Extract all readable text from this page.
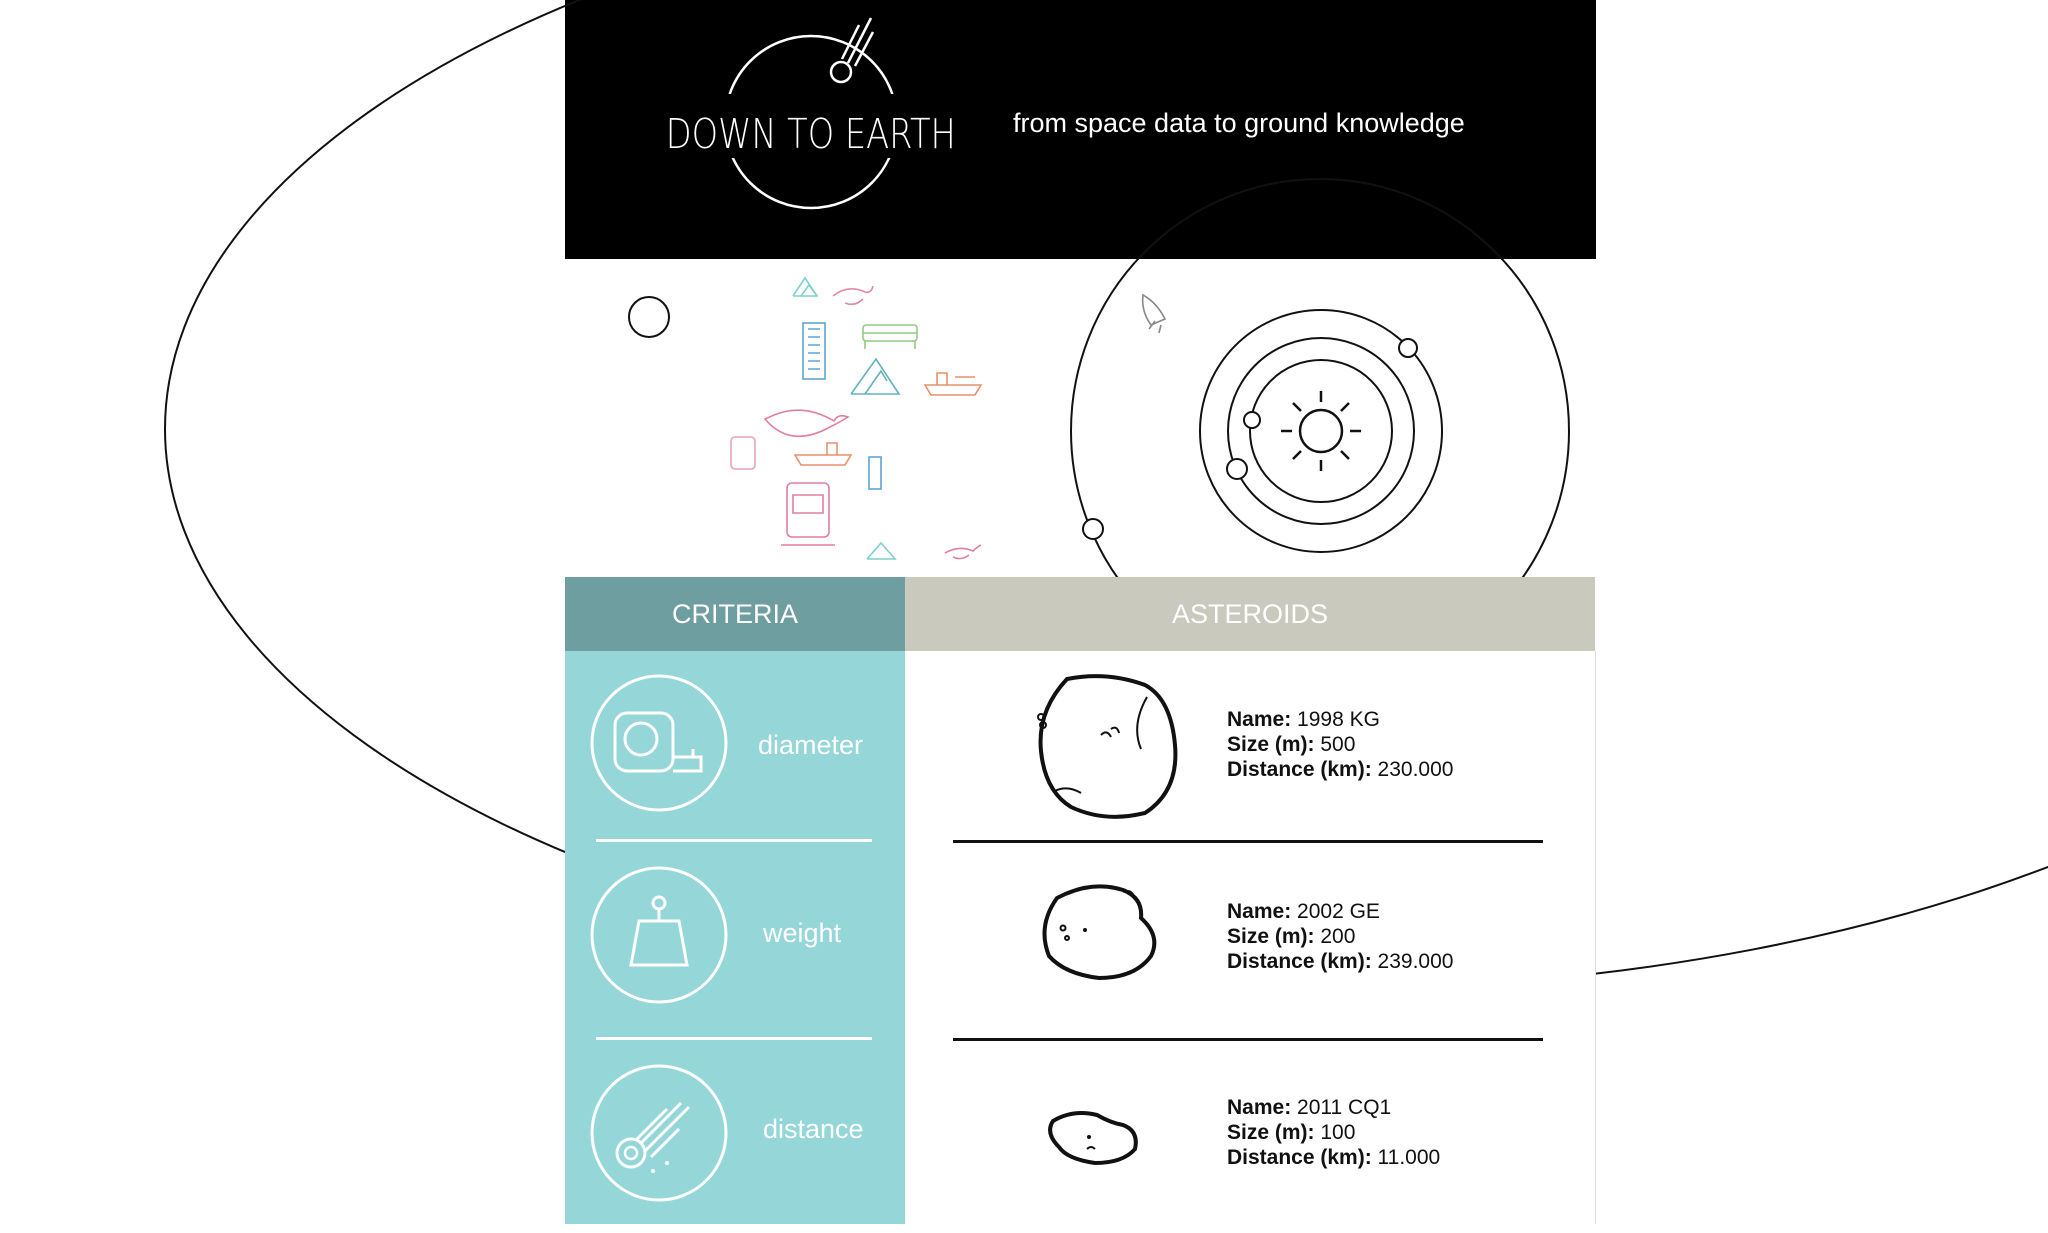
DOWN TO EARTH from space data to ground knowledge
CRITERIA	ASTEROIDS
diameter
weight
distance
Name: 1998 KG
Size (m): 500
Distance (km): 230.000
Name: 2002 GE
Size (m): 200
Distance (km): 239.000
Name: 2011 CQ1
Size (m): 100
Distance (km): 11.000
